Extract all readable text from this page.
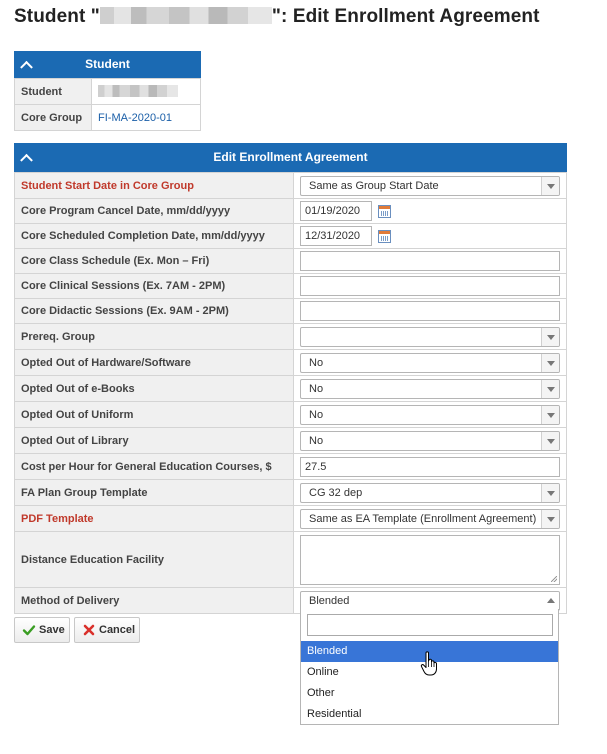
Student "	": Edit Enrollment Agreement
Student
Student	
Core Group	FI-MA-2020-01
Edit Enrollment Agreement
Student Start Date in Core Group	Same as Group Start Date

Core Program Cancel Date, mm/dd/yyyy	01/19/2020
Core Scheduled Completion Date, mm/dd/yyyy	12/31/2020
Core Class Schedule (Ex. Mon – Fri)	

Core Clinical Sessions (Ex. 7AM - 2PM)	

Core Didactic Sessions (Ex. 9AM - 2PM)	

Prereq. Group	

Opted Out of Hardware/Software	No

Opted Out of e-Books	No

Opted Out of Uniform	No

Opted Out of Library	No

Cost per Hour for General Education Courses, $	27.5

FA Plan Group Template	CG 32 dep

PDF Template	Same as EA Template (Enrollment Agreement)

Distance Education Facility	

Method of Delivery	Blended
Save	Cancel
Blended
Online
Other
Residential
